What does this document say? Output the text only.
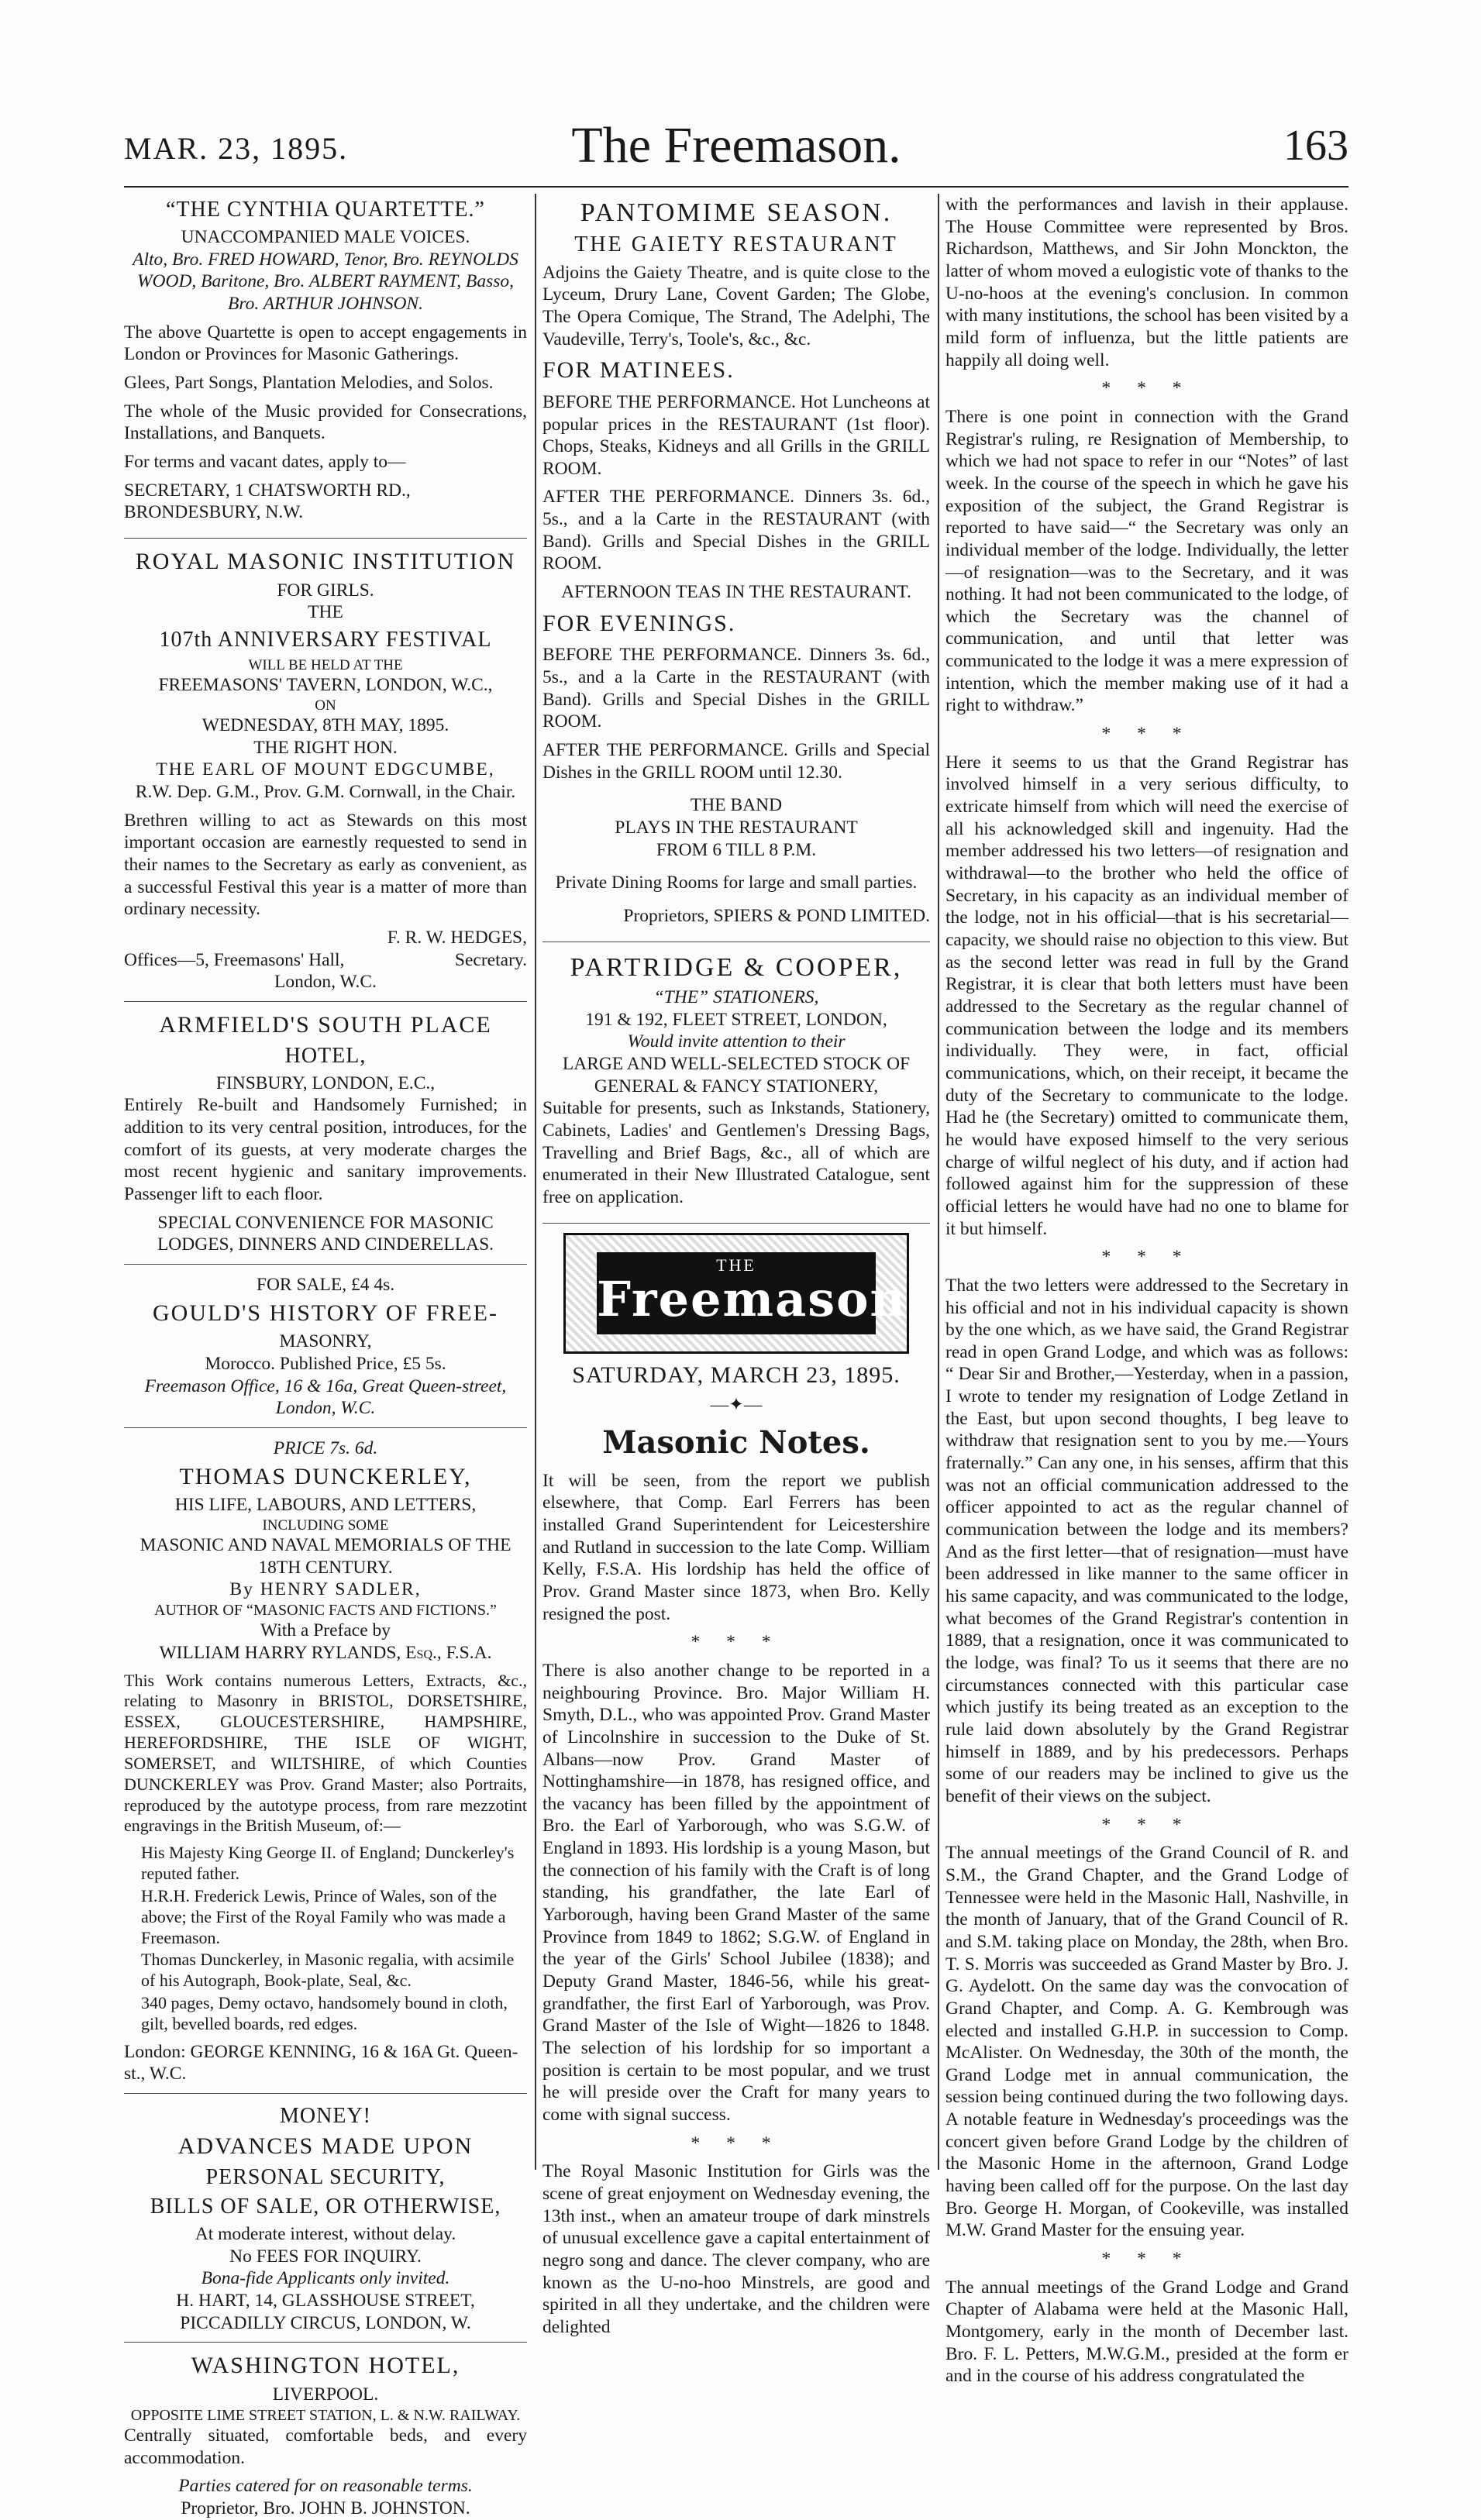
MAR. 23, 1895.	The Freemason.	163
“THE CYNTHIA QUARTETTE.”
UNACCOMPANIED MALE VOICES.

Alto, Bro. FRED HOWARD, Tenor, Bro. REYNOLDS WOOD, Baritone, Bro. ALBERT RAYMENT, Basso, Bro. ARTHUR JOHNSON.

The above Quartette is open to accept engagements in London or Provinces for Masonic Gatherings.

Glees, Part Songs, Plantation Melodies, and Solos.

The whole of the Music provided for Consecrations, Installations, and Banquets.

For terms and vacant dates, apply to—

SECRETARY, 1 CHATSWORTH RD., BRONDESBURY, N.W.

ROYAL MASONIC INSTITUTION
FOR GIRLS.
THE
107th ANNIVERSARY FESTIVAL
WILL BE HELD AT THE
FREEMASONS' TAVERN, LONDON, W.C.,
ON
WEDNESDAY, 8TH MAY, 1895.
THE RIGHT HON.
THE EARL OF MOUNT EDGCUMBE,

R.W. Dep. G.M., Prov. G.M. Cornwall, in the Chair.

Brethren willing to act as Stewards on this most important occasion are earnestly requested to send in their names to the Secretary as early as convenient, as a successful Festival this year is a matter of more than ordinary necessity.

F. R. W. HEDGES,
Offices—5, Freemasons' Hall,	Secretary.
London, W.C.
ARMFIELD'S SOUTH PLACE
HOTEL,
FINSBURY, LONDON, E.C.,

Entirely Re-built and Handsomely Furnished; in addition to its very central position, introduces, for the comfort of its guests, at very moderate charges the most recent hygienic and sanitary improvements. Passenger lift to each floor.

SPECIAL CONVENIENCE FOR MASONIC LODGES, DINNERS AND CINDERELLAS.
FOR SALE, £4 4s.
GOULD'S HISTORY OF FREE-
MASONRY,
Morocco. Published Price, £5 5s.
Freemason Office, 16 & 16a, Great Queen-street, London, W.C.
PRICE 7s. 6d.
THOMAS DUNCKERLEY,
HIS LIFE, LABOURS, AND LETTERS,
INCLUDING SOME
MASONIC AND NAVAL MEMORIALS OF THE 18TH CENTURY.
By HENRY SADLER,
AUTHOR OF “MASONIC FACTS AND FICTIONS.”
With a Preface by

WILLIAM HARRY RYLANDS, Esq., F.S.A.

This Work contains numerous Letters, Extracts, &c., relating to Masonry in BRISTOL, DORSETSHIRE, ESSEX, GLOUCESTERSHIRE, HAMPSHIRE, HEREFORDSHIRE, THE ISLE OF WIGHT, SOMERSET, and WILTSHIRE, of which Counties DUNCKERLEY was Prov. Grand Master; also Portraits, reproduced by the autotype process, from rare mezzotint engravings in the British Museum, of:—

His Majesty King George II. of England; Dunckerley's reputed father.

H.R.H. Frederick Lewis, Prince of Wales, son of the above; the First of the Royal Family who was made a Freemason.

Thomas Dunckerley, in Masonic regalia, with acsimile of his Autograph, Book-plate, Seal, &c.

340 pages, Demy octavo, handsomely bound in cloth, gilt, bevelled boards, red edges.

London: GEORGE KENNING, 16 & 16A Gt. Queen-st., W.C.
MONEY!
ADVANCES MADE UPON
PERSONAL SECURITY,
BILLS OF SALE, OR OTHERWISE,
At moderate interest, without delay.
No FEES FOR INQUIRY.
Bona-fide Applicants only invited.
H. HART, 14, GLASSHOUSE STREET,
PICCADILLY CIRCUS, LONDON, W.
WASHINGTON HOTEL,
LIVERPOOL.
OPPOSITE LIME STREET STATION, L. & N.W. RAILWAY.

Centrally situated, comfortable beds, and every accommodation.

Parties catered for on reasonable terms.
Proprietor, Bro. JOHN B. JOHNSTON.
PANTOMIME SEASON.
THE GAIETY RESTAURANT

Adjoins the Gaiety Theatre, and is quite close to the Lyceum, Drury Lane, Covent Garden; The Globe, The Opera Comique, The Strand, The Adelphi, The Vaudeville, Terry's, Toole's, &c., &c.

FOR MATINEES.

BEFORE THE PERFORMANCE. Hot Luncheons at popular prices in the RESTAURANT (1st floor). Chops, Steaks, Kidneys and all Grills in the GRILL ROOM.

AFTER THE PERFORMANCE. Dinners 3s. 6d., 5s., and a la Carte in the RESTAURANT (with Band). Grills and Special Dishes in the GRILL ROOM.

AFTERNOON TEAS IN THE RESTAURANT.

FOR EVENINGS.

BEFORE THE PERFORMANCE. Dinners 3s. 6d., 5s., and a la Carte in the RESTAURANT (with Band). Grills and Special Dishes in the GRILL ROOM.

AFTER THE PERFORMANCE. Grills and Special Dishes in the GRILL ROOM until 12.30.

THE BAND
PLAYS IN THE RESTAURANT

FROM 6 TILL 8 P.M.

Private Dining Rooms for large and small parties.

Proprietors, SPIERS & POND LIMITED.

PARTRIDGE & COOPER,
“THE” STATIONERS,
191 & 192, FLEET STREET, LONDON,
Would invite attention to their
LARGE AND WELL-SELECTED STOCK OF GENERAL & FANCY STATIONERY,

Suitable for presents, such as Inkstands, Stationery, Cabinets, Ladies' and Gentlemen's Dressing Bags, Travelling and Brief Bags, &c., all of which are enumerated in their New Illustrated Catalogue, sent free on application.

THE
Freemason
SATURDAY, MARCH 23, 1895.
—✦—
Masonic Notes.

It will be seen, from the report we publish elsewhere, that Comp. Earl Ferrers has been installed Grand Superintendent for Leicestershire and Rutland in succession to the late Comp. William Kelly, F.S.A. His lordship has held the office of Prov. Grand Master since 1873, when Bro. Kelly resigned the post.

* * *

There is also another change to be reported in a neighbouring Province. Bro. Major William H. Smyth, D.L., who was appointed Prov. Grand Master of Lincolnshire in succession to the Duke of St. Albans—now Prov. Grand Master of Nottinghamshire—in 1878, has resigned office, and the vacancy has been filled by the appointment of Bro. the Earl of Yarborough, who was S.G.W. of England in 1893. His lordship is a young Mason, but the connection of his family with the Craft is of long standing, his grandfather, the late Earl of Yarborough, having been Grand Master of the same Province from 1849 to 1862; S.G.W. of England in the year of the Girls' School Jubilee (1838); and Deputy Grand Master, 1846-56, while his great-grandfather, the first Earl of Yarborough, was Prov. Grand Master of the Isle of Wight—1826 to 1848. The selection of his lordship for so important a position is certain to be most popular, and we trust he will preside over the Craft for many years to come with signal success.

* * *

The Royal Masonic Institution for Girls was the scene of great enjoyment on Wednesday evening, the 13th inst., when an amateur troupe of dark minstrels of unusual excellence gave a capital entertainment of negro song and dance. The clever company, who are known as the U-no-hoo Minstrels, are good and spirited in all they undertake, and the children were delighted

with the performances and lavish in their applause. The House Committee were represented by Bros. Richardson, Matthews, and Sir John Monckton, the latter of whom moved a eulogistic vote of thanks to the U-no-hoos at the evening's conclusion. In common with many institutions, the school has been visited by a mild form of influenza, but the little patients are happily all doing well.

* * *

There is one point in connection with the Grand Registrar's ruling, re Resignation of Membership, to which we had not space to refer in our “Notes” of last week. In the course of the speech in which he gave his exposition of the subject, the Grand Registrar is reported to have said—“ the Secretary was only an individual member of the lodge. Individually, the letter—of resignation—was to the Secretary, and it was nothing. It had not been communicated to the lodge, of which the Secretary was the channel of communication, and until that letter was communicated to the lodge it was a mere expression of intention, which the member making use of it had a right to withdraw.”

* * *

Here it seems to us that the Grand Registrar has involved himself in a very serious difficulty, to extricate himself from which will need the exercise of all his acknowledged skill and ingenuity. Had the member addressed his two letters—of resignation and withdrawal—to the brother who held the office of Secretary, in his capacity as an individual member of the lodge, not in his official—that is his secretarial—capacity, we should raise no objection to this view. But as the second letter was read in full by the Grand Registrar, it is clear that both letters must have been addressed to the Secretary as the regular channel of communication between the lodge and its members individually. They were, in fact, official communications, which, on their receipt, it became the duty of the Secretary to communicate to the lodge. Had he (the Secretary) omitted to communicate them, he would have exposed himself to the very serious charge of wilful neglect of his duty, and if action had followed against him for the suppression of these official letters he would have had no one to blame for it but himself.

* * *

That the two letters were addressed to the Secretary in his official and not in his individual capacity is shown by the one which, as we have said, the Grand Registrar read in open Grand Lodge, and which was as follows: “ Dear Sir and Brother,—Yesterday, when in a passion, I wrote to tender my resignation of Lodge Zetland in the East, but upon second thoughts, I beg leave to withdraw that resignation sent to you by me.—Yours fraternally.” Can any one, in his senses, affirm that this was not an official communication addressed to the officer appointed to act as the regular channel of communication between the lodge and its members? And as the first letter—that of resignation—must have been addressed in like manner to the same officer in his same capacity, and was communicated to the lodge, what becomes of the Grand Registrar's contention in 1889, that a resignation, once it was communicated to the lodge, was final? To us it seems that there are no circumstances connected with this particular case which justify its being treated as an exception to the rule laid down absolutely by the Grand Registrar himself in 1889, and by his predecessors. Perhaps some of our readers may be inclined to give us the benefit of their views on the subject.

* * *

The annual meetings of the Grand Council of R. and S.M., the Grand Chapter, and the Grand Lodge of Tennessee were held in the Masonic Hall, Nashville, in the month of January, that of the Grand Council of R. and S.M. taking place on Monday, the 28th, when Bro. T. S. Morris was succeeded as Grand Master by Bro. J. G. Aydelott. On the same day was the convocation of Grand Chapter, and Comp. A. G. Kembrough was elected and installed G.H.P. in succession to Comp. McAlister. On Wednesday, the 30th of the month, the Grand Lodge met in annual communication, the session being continued during the two following days. A notable feature in Wednesday's proceedings was the concert given before Grand Lodge by the children of the Masonic Home in the afternoon, Grand Lodge having been called off for the purpose. On the last day Bro. George H. Morgan, of Cookeville, was installed M.W. Grand Master for the ensuing year.

* * *

The annual meetings of the Grand Lodge and Grand Chapter of Alabama were held at the Masonic Hall, Montgomery, early in the month of December last. Bro. F. L. Petters, M.W.G.M., presided at the form er and in the course of his address congratulated the
